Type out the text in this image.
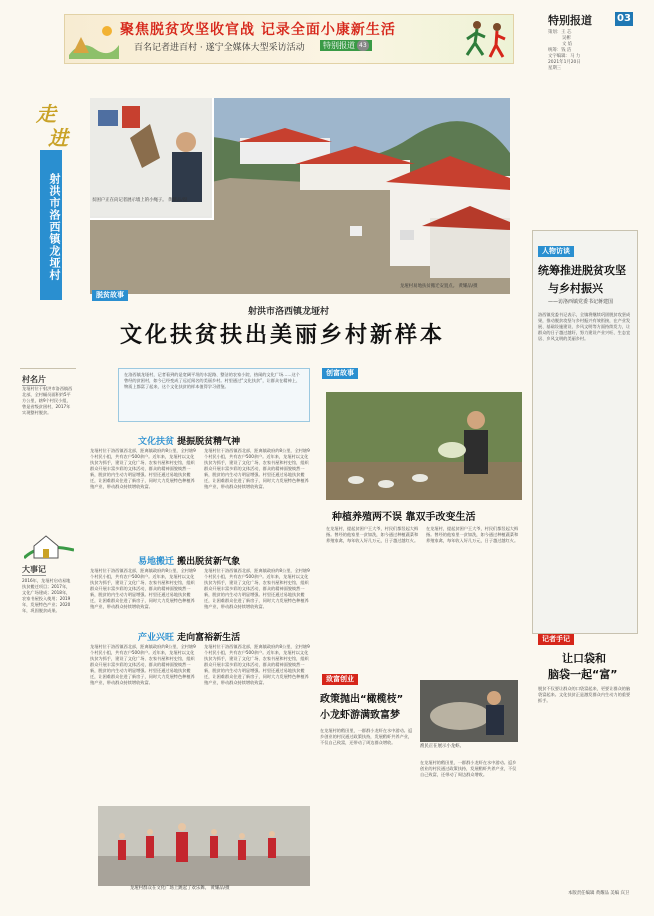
聚焦脱贫攻坚收官战 记录全面小康新生活
百名记者进百村 · 遂宁全媒体大型采访活动	特别报道 43
特别报道	03
策划：王 芯
吴彬
文 焰
统筹：钱 洁
文字编辑：马 力
2021年1月20日
星期三
走
进
射洪市洛西镇龙垭村
村名片
龙垭村位于射洪市洛西镇西北部，全村幅员面积约5平方公里，辖9个村民小组，曾是省级贫困村，2017年实现整村脱贫。
大事记
2016年，龙垭村启动易地扶贫搬迁项目；2017年，文化广场建成；2018年，农家书屋投入使用；2019年，发展特色产业；2020年，巩固脱贫成果。
贫困户正在向记者展示墙上的小绳子。 黄耀品/摄
龙垭村易地扶贫搬迁安置点。 黄耀品/摄
脱贫故事
射洪市洛西镇龙垭村
文化扶贫扶出美丽乡村新样本
在洛西镇龙垭村，记者看到的是宽阔平坦的水泥路、整洁的农家小院、热闹的文化广场……这个曾经的贫困村，如今已经变成了远近闻名的美丽乡村。村里通过“文化扶贫”，让群众在精神上、物质上都富了起来，这个文化扶贫的样本值得学习借鉴。
文化扶贫 提振脱贫精气神
龙垭村位于洛西镇西北部，距离镇政府约8公里，全村辖9个村民小组，共有农户500余户。近年来，龙垭村以文化扶贫为抓手，建设了文化广场、农家书屋和村史馆，组织群众开展丰富多彩的文体活动，群众的精神面貌焕然一新，脱贫的内生动力明显增强。村里还通过易地扶贫搬迁，让困难群众住进了新房子，同时大力发展特色种植养殖产业，带动群众持续增收致富。
龙垭村位于洛西镇西北部，距离镇政府约8公里，全村辖9个村民小组，共有农户500余户。近年来，龙垭村以文化扶贫为抓手，建设了文化广场、农家书屋和村史馆，组织群众开展丰富多彩的文体活动，群众的精神面貌焕然一新，脱贫的内生动力明显增强。村里还通过易地扶贫搬迁，让困难群众住进了新房子，同时大力发展特色种植养殖产业，带动群众持续增收致富。
易地搬迁 搬出脱贫新气象
龙垭村位于洛西镇西北部，距离镇政府约8公里，全村辖9个村民小组，共有农户500余户。近年来，龙垭村以文化扶贫为抓手，建设了文化广场、农家书屋和村史馆，组织群众开展丰富多彩的文体活动，群众的精神面貌焕然一新，脱贫的内生动力明显增强。村里还通过易地扶贫搬迁，让困难群众住进了新房子，同时大力发展特色种植养殖产业，带动群众持续增收致富。
龙垭村位于洛西镇西北部，距离镇政府约8公里，全村辖9个村民小组，共有农户500余户。近年来，龙垭村以文化扶贫为抓手，建设了文化广场、农家书屋和村史馆，组织群众开展丰富多彩的文体活动，群众的精神面貌焕然一新，脱贫的内生动力明显增强。村里还通过易地扶贫搬迁，让困难群众住进了新房子，同时大力发展特色种植养殖产业，带动群众持续增收致富。
产业兴旺 走向富裕新生活
龙垭村位于洛西镇西北部，距离镇政府约8公里，全村辖9个村民小组，共有农户500余户。近年来，龙垭村以文化扶贫为抓手，建设了文化广场、农家书屋和村史馆，组织群众开展丰富多彩的文体活动，群众的精神面貌焕然一新，脱贫的内生动力明显增强。村里还通过易地扶贫搬迁，让困难群众住进了新房子，同时大力发展特色种植养殖产业，带动群众持续增收致富。
龙垭村位于洛西镇西北部，距离镇政府约8公里，全村辖9个村民小组，共有农户500余户。近年来，龙垭村以文化扶贫为抓手，建设了文化广场、农家书屋和村史馆，组织群众开展丰富多彩的文体活动，群众的精神面貌焕然一新，脱贫的内生动力明显增强。村里还通过易地扶贫搬迁，让困难群众住进了新房子，同时大力发展特色种植养殖产业，带动群众持续增收致富。
龙垭村群众在文化广场上跳起了欢乐舞。 黄耀品/摄
创富故事
种植养殖两不误 靠双手改变生活
在龙垭村，提起贫困户王大爷，村民们都竖起大拇指。曾经的他家里一贫如洗，如今通过种植蔬菜和养殖家禽，每年收入好几万元，日子越过越红火。
在龙垭村，提起贫困户王大爷，村民们都竖起大拇指。曾经的他家里一贫如洗，如今通过种植蔬菜和养殖家禽，每年收入好几万元，日子越过越红火。
致富创业
政策抛出“橄榄枝”
小龙虾游满致富梦
渔民正在展示小龙虾。
在龙垭村的稻田里，一群群小龙虾在水中游动。返乡创业的村民通过政策扶持，发展稻虾共养产业，不仅自己致富，还带动了周边群众增收。
在龙垭村的稻田里，一群群小龙虾在水中游动。返乡创业的村民通过政策扶持，发展稻虾共养产业，不仅自己致富，还带动了周边群众增收。
人物访谈
统筹推进脱贫攻坚
与乡村振兴
——访洛西镇党委书记蒋建国
洛西镇党委书记表示，全镇将继续巩固脱贫攻坚成果，推动脱贫攻坚与乡村振兴有效衔接，在产业发展、基础设施建设、乡风文明等方面持续发力，让群众的日子越过越好，努力建设产业兴旺、生态宜居、乡风文明的美丽乡村。
记者手记
让口袋和
脑袋一起“富”
脱贫不仅要让群众的口袋富起来，更要让群众的脑袋富起来。文化扶贫正是激发群众内生动力的重要抓手。
本版责任编辑 黄耀品 美编 宾卫
